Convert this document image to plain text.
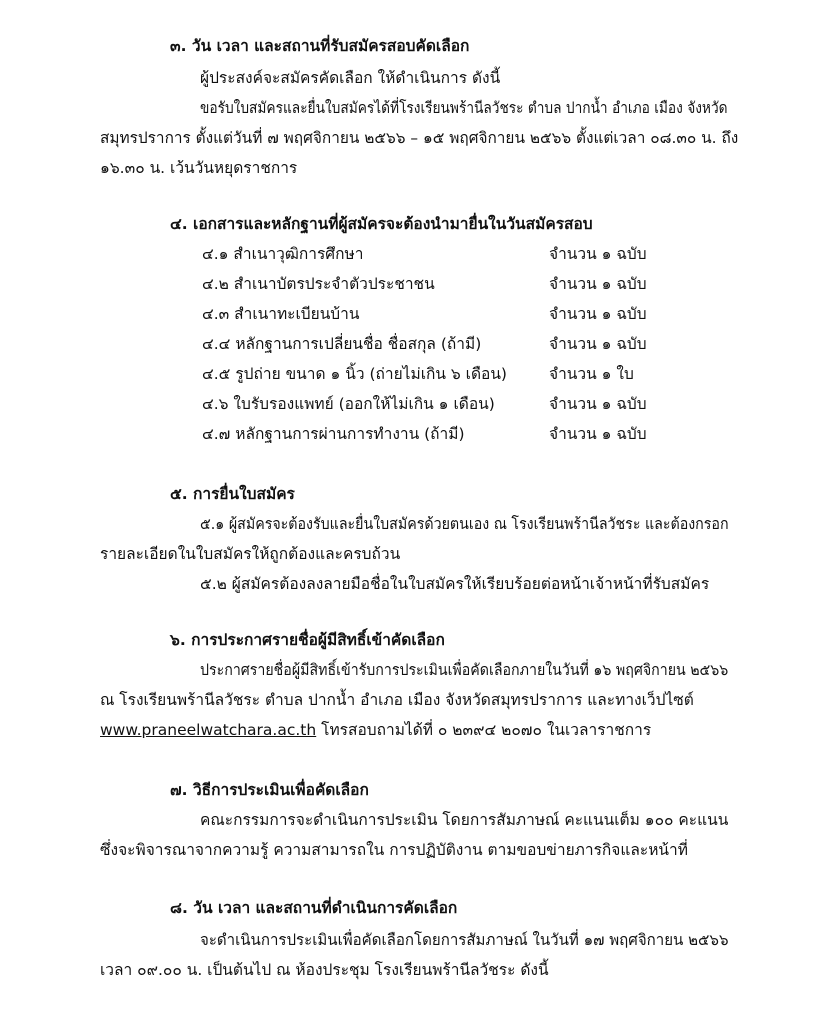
๓. วัน เวลา และสถานที่รับสมัครสอบคัดเลือก
ผู้ประสงค์จะสมัครคัดเลือก ให้ดำเนินการ ดังนี้
ขอรับใบสมัครและยื่นใบสมัครได้ที่โรงเรียนพร้านีลวัชระ ตำบล ปากน้ำ อำเภอ เมือง จังหวัด
สมุทรปราการ ตั้งแต่วันที่ ๗ พฤศจิกายน ๒๕๖๖ – ๑๕ พฤศจิกายน ๒๕๖๖ ตั้งแต่เวลา ๐๘.๓๐ น. ถึง
๑๖.๓๐ น. เว้นวันหยุดราชการ
๔. เอกสารและหลักฐานที่ผู้สมัครจะต้องนำมายื่นในวันสมัครสอบ
๔.๑ สำเนาวุฒิการศึกษา	จำนวน ๑ ฉบับ
๔.๒ สำเนาบัตรประจำตัวประชาชน	จำนวน ๑ ฉบับ
๔.๓ สำเนาทะเบียนบ้าน	จำนวน ๑ ฉบับ
๔.๔ หลักฐานการเปลี่ยนชื่อ ชื่อสกุล (ถ้ามี)	จำนวน ๑ ฉบับ
๔.๕ รูปถ่าย ขนาด ๑ นิ้ว (ถ่ายไม่เกิน ๖ เดือน)	จำนวน ๑ ใบ
๔.๖ ใบรับรองแพทย์ (ออกให้ไม่เกิน ๑ เดือน)	จำนวน ๑ ฉบับ
๔.๗ หลักฐานการผ่านการทำงาน (ถ้ามี)	จำนวน ๑ ฉบับ
๕. การยื่นใบสมัคร
๕.๑ ผู้สมัครจะต้องรับและยื่นใบสมัครด้วยตนเอง ณ โรงเรียนพร้านีลวัชระ และต้องกรอก
รายละเอียดในใบสมัครให้ถูกต้องและครบถ้วน
๕.๒ ผู้สมัครต้องลงลายมือชื่อในใบสมัครให้เรียบร้อยต่อหน้าเจ้าหน้าที่รับสมัคร
๖. การประกาศรายชื่อผู้มีสิทธิ์เข้าคัดเลือก
ประกาศรายชื่อผู้มีสิทธิ์เข้ารับการประเมินเพื่อคัดเลือกภายในวันที่ ๑๖ พฤศจิกายน ๒๕๖๖
ณ โรงเรียนพร้านีลวัชระ ตำบล ปากน้ำ อำเภอ เมือง จังหวัดสมุทรปราการ และทางเว็ปไซต์
www.praneelwatchara.ac.th โทรสอบถามได้ที่ ๐ ๒๓๙๔ ๒๐๗๐ ในเวลาราชการ
๗. วิธีการประเมินเพื่อคัดเลือก
คณะกรรมการจะดำเนินการประเมิน โดยการสัมภาษณ์ คะแนนเต็ม ๑๐๐ คะแนน
ซึ่งจะพิจารณาจากความรู้ ความสามารถใน การปฏิบัติงาน ตามขอบข่ายภารกิจและหน้าที่
๘. วัน เวลา และสถานที่ดำเนินการคัดเลือก
จะดำเนินการประเมินเพื่อคัดเลือกโดยการสัมภาษณ์ ในวันที่ ๑๗ พฤศจิกายน ๒๕๖๖
เวลา ๐๙.๐๐ น. เป็นต้นไป ณ ห้องประชุม โรงเรียนพร้านีลวัชระ ดังนี้
